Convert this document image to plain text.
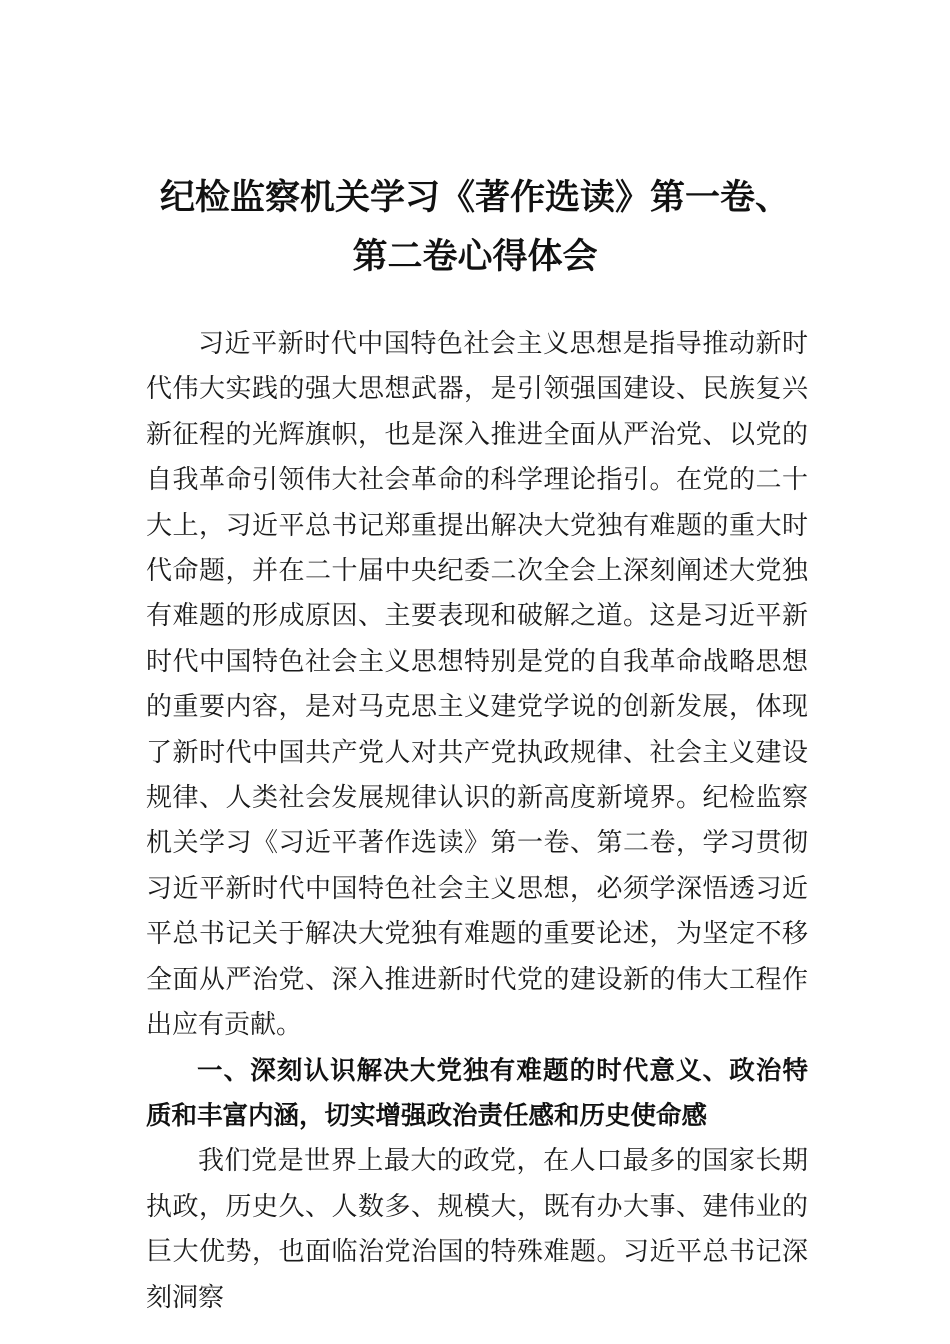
纪检监察机关学习《著作选读》第一卷、
第二卷心得体会

习近平新时代中国特色社会主义思想是指导推动新时代伟大实践的强大思想武器，是引领强国建设、民族复兴新征程的光辉旗帜，也是深入推进全面从严治党、以党的自我革命引领伟大社会革命的科学理论指引。在党的二十大上，习近平总书记郑重提出解决大党独有难题的重大时代命题，并在二十届中央纪委二次全会上深刻阐述大党独有难题的形成原因、主要表现和破解之道。这是习近平新时代中国特色社会主义思想特别是党的自我革命战略思想的重要内容，是对马克思主义建党学说的创新发展，体现了新时代中国共产党人对共产党执政规律、社会主义建设规律、人类社会发展规律认识的新高度新境界。纪检监察机关学习《习近平著作选读》第一卷、第二卷，学习贯彻习近平新时代中国特色社会主义思想，必须学深悟透习近平总书记关于解决大党独有难题的重要论述，为坚定不移全面从严治党、深入推进新时代党的建设新的伟大工程作出应有贡献。

一、深刻认识解决大党独有难题的时代意义、政治特质和丰富内涵，切实增强政治责任感和历史使命感

我们党是世界上最大的政党，在人口最多的国家长期执政，历史久、人数多、规模大，既有办大事、建伟业的巨大优势，也面临治党治国的特殊难题。习近平总书记深刻洞察
